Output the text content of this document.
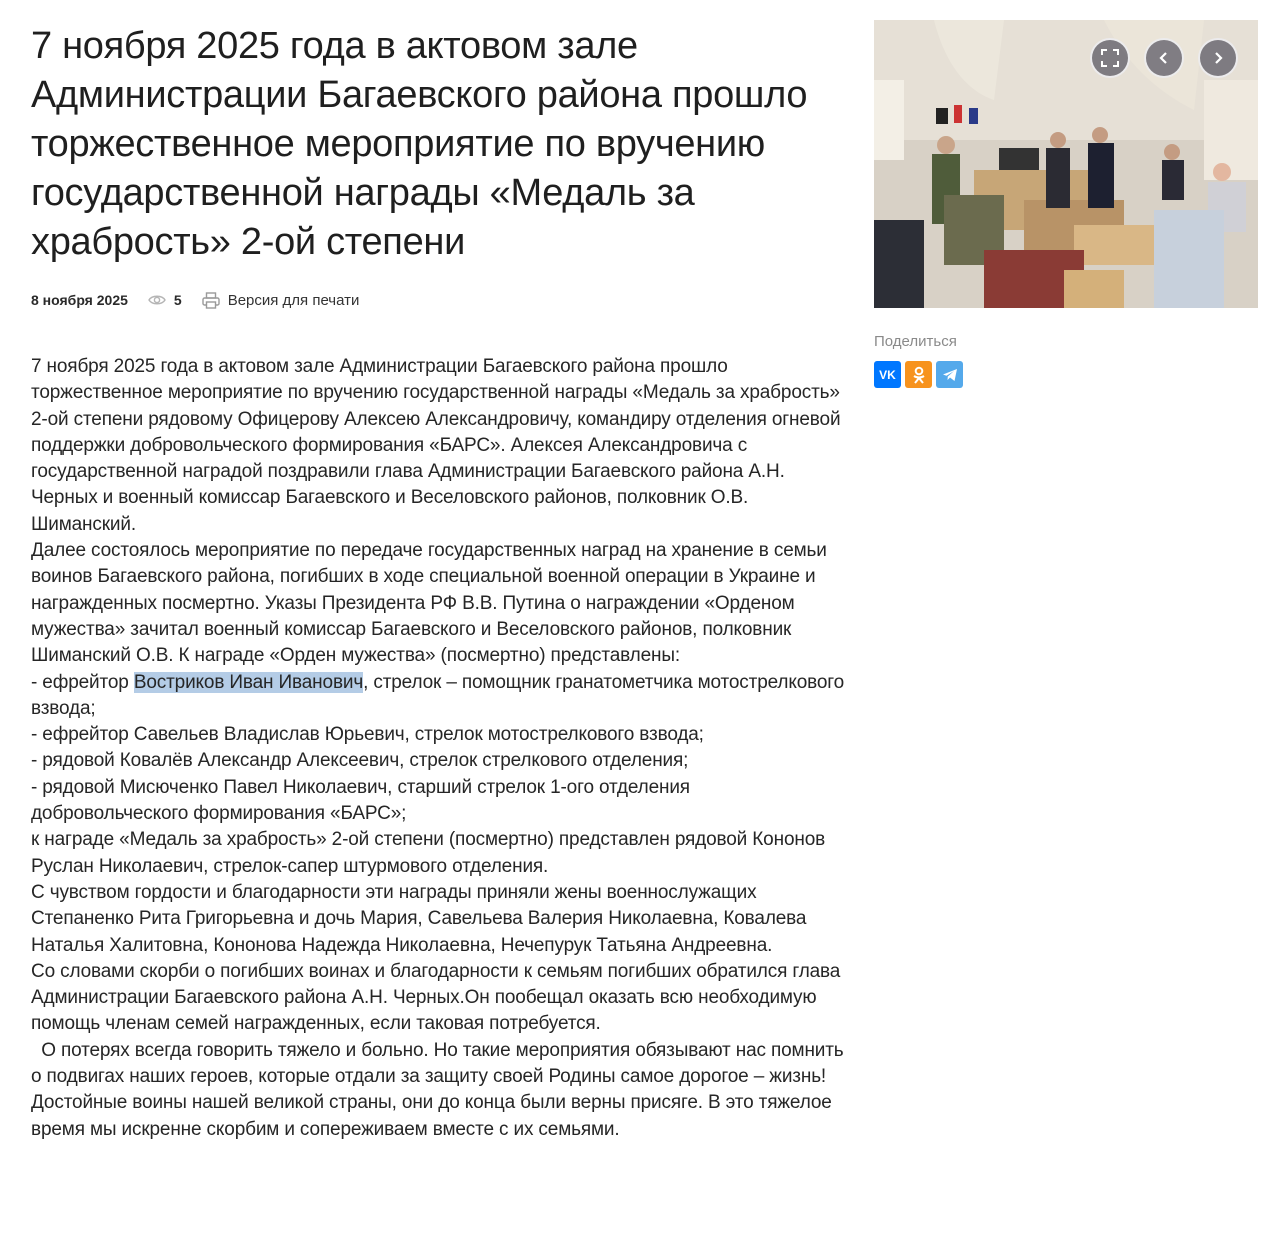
7 ноября 2025 года в актовом зале Администрации Багаевского района прошло торжественное мероприятие по вручению государственной награды «Медаль за храбрость» 2-ой степени
8 ноября 2025	5	Версия для печати

7 ноября 2025 года в актовом зале Администрации Багаевского района прошло торжественное мероприятие по вручению государственной награды «Медаль за храбрость» 2-ой степени рядовому Офицерову Алексею Александровичу, командиру отделения огневой поддержки добровольческого формирования «БАРС». Алексея Александровича с государственной наградой поздравили глава Администрации Багаевского района А.Н. Черных и военный комиссар Багаевского и Веселовского районов, полковник О.В. Шиманский.

Далее состоялось мероприятие по передаче государственных наград на хранение в семьи воинов Багаевского района, погибших в ходе специальной военной операции в Украине и награжденных посмертно. Указы Президента РФ В.В. Путина о награждении «Орденом мужества» зачитал военный комиссар Багаевского и Веселовского районов, полковник Шиманский О.В. К награде «Орден мужества» (посмертно) представлены:

- ефрейтор Востриков Иван Иванович, стрелок – помощник гранатометчика мотострелкового взвода;

- ефрейтор Савельев Владислав Юрьевич, стрелок мотострелкового взвода;

- рядовой Ковалёв Александр Алексеевич, стрелок стрелкового отделения;

- рядовой Мисюченко Павел Николаевич, старший стрелок 1-ого отделения добровольческого формирования «БАРС»;

к награде «Медаль за храбрость» 2-ой степени (посмертно) представлен рядовой Кононов Руслан Николаевич, стрелок-сапер штурмового отделения.

С чувством гордости и благодарности эти награды приняли жены военнослужащих Степаненко Рита Григорьевна и дочь Мария, Савельева Валерия Николаевна, Ковалева Наталья Халитовна, Кононова Надежда Николаевна, Нечепурук Татьяна Андреевна.

Со словами скорби о погибших воинах и благодарности к семьям погибших обратился глава Администрации Багаевского района А.Н. Черных.Он пообещал оказать всю необходимую помощь членам семей награжденных, если таковая потребуется.

О потерях всегда говорить тяжело и больно. Но такие мероприятия обязывают нас помнить о подвигах наших героев, которые отдали за защиту своей Родины самое дорогое – жизнь! Достойные воины нашей великой страны, они до конца были верны присяге. В это тяжелое время мы искренне скорбим и сопереживаем вместе с их семьями.

Поделиться
VK
